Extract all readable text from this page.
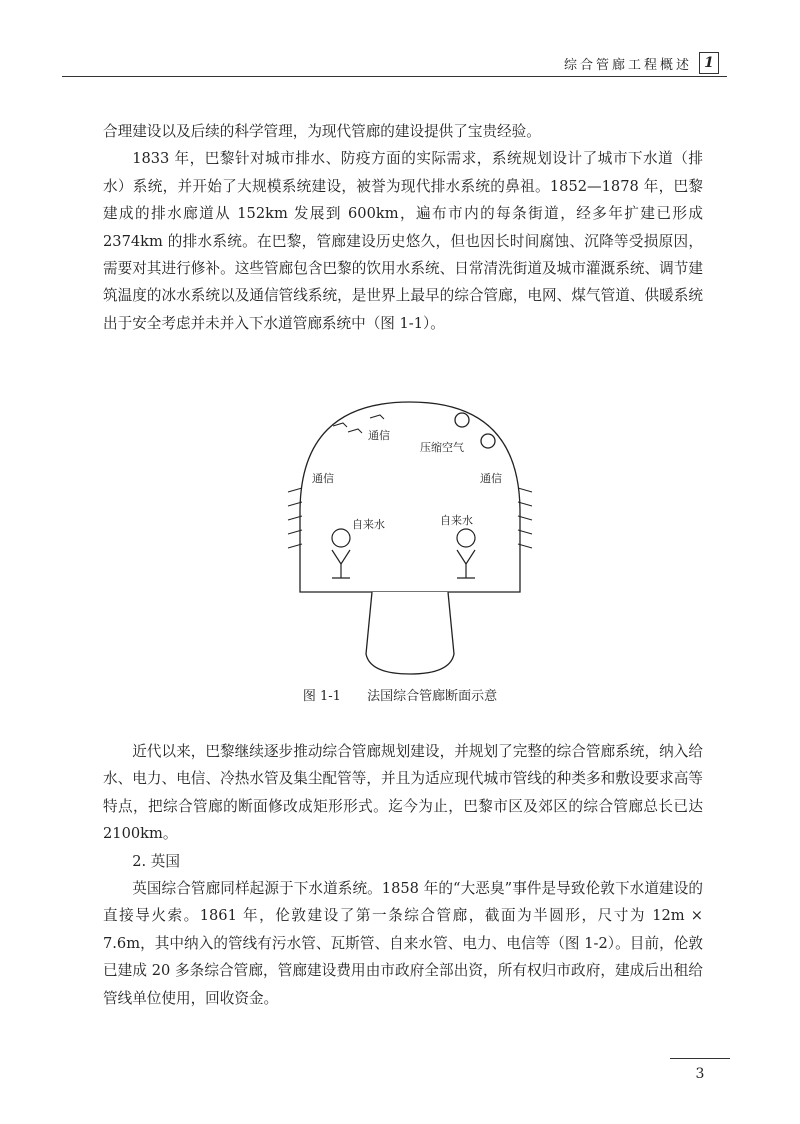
综合管廊工程概述 1

合理建设以及后续的科学管理，为现代管廊的建设提供了宝贵经验。

1833 年，巴黎针对城市排水、防疫方面的实际需求，系统规划设计了城市下水道（排水）系统，并开始了大规模系统建设，被誉为现代排水系统的鼻祖。1852—1878 年，巴黎建成的排水廊道从 152km 发展到 600km，遍布市内的每条街道，经多年扩建已形成 2374km 的排水系统。在巴黎，管廊建设历史悠久，但也因长时间腐蚀、沉降等受损原因，需要对其进行修补。这些管廊包含巴黎的饮用水系统、日常清洗街道及城市灌溉系统、调节建筑温度的冰水系统以及通信管线系统，是世界上最早的综合管廊，电网、煤气管道、供暖系统出于安全考虑并未并入下水道管廊系统中（图 1-1）。

通信
压缩空气
通信	通信
自来水	自来水
图 1-1 法国综合管廊断面示意

近代以来，巴黎继续逐步推动综合管廊规划建设，并规划了完整的综合管廊系统，纳入给水、电力、电信、冷热水管及集尘配管等，并且为适应现代城市管线的种类多和敷设要求高等特点，把综合管廊的断面修改成矩形形式。迄今为止，巴黎市区及郊区的综合管廊总长已达 2100km。

2. 英国

英国综合管廊同样起源于下水道系统。1858 年的“大恶臭”事件是导致伦敦下水道建设的直接导火索。1861 年，伦敦建设了第一条综合管廊，截面为半圆形，尺寸为 12m × 7.6m，其中纳入的管线有污水管、瓦斯管、自来水管、电力、电信等（图 1-2）。目前，伦敦已建成 20 多条综合管廊，管廊建设费用由市政府全部出资，所有权归市政府，建成后出租给管线单位使用，回收资金。

3
